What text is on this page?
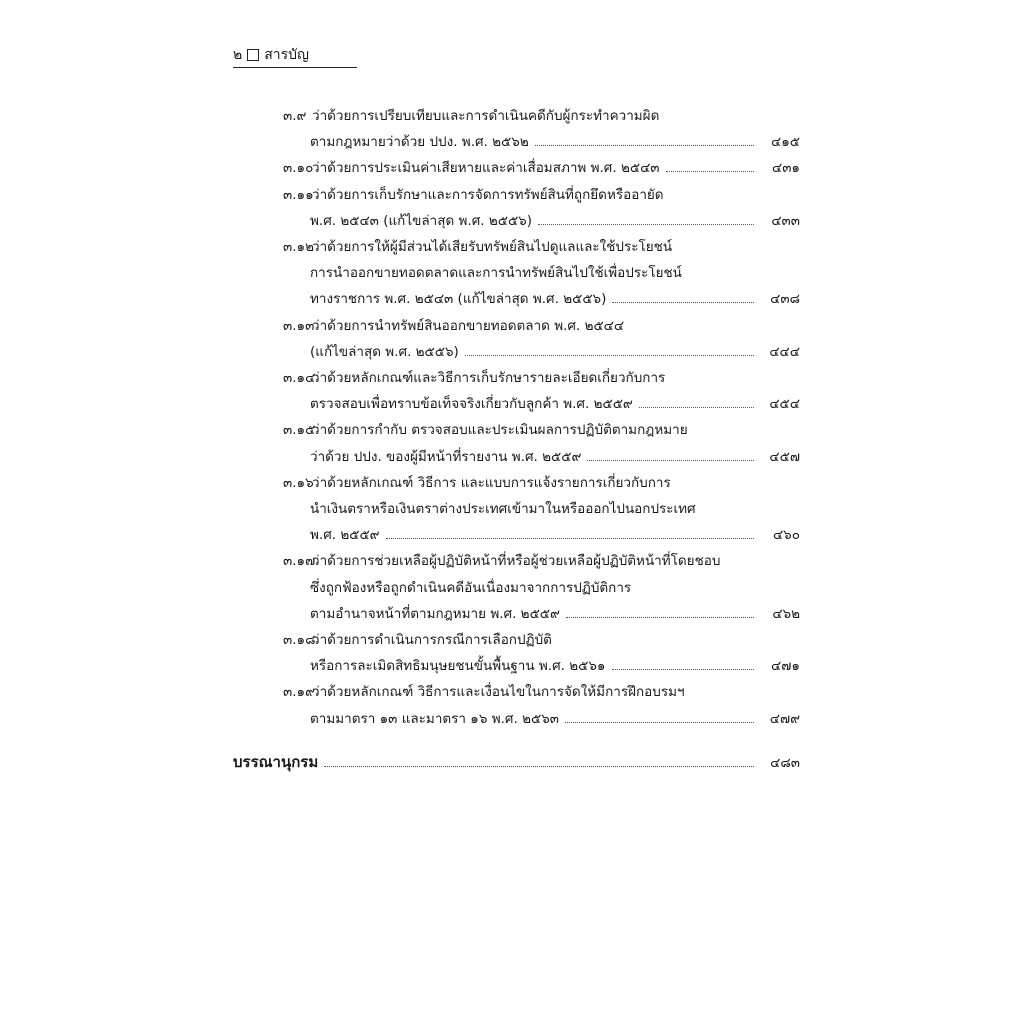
๒ สารบัญ
๓.๙ ว่าด้วยการเปรียบเทียบและการดำเนินคดีกับผู้กระทำความผิด
ตามกฎหมายว่าด้วย ปปง. พ.ศ. ๒๕๖๒	๔๑๕
๓.๑๐
ว่าด้วยการประเมินค่าเสียหายและค่าเสื่อมสภาพ พ.ศ. ๒๕๔๓	๔๓๑
๓.๑๑
ว่าด้วยการเก็บรักษาและการจัดการทรัพย์สินที่ถูกยึดหรืออายัด
พ.ศ. ๒๕๔๓ (แก้ไขล่าสุด พ.ศ. ๒๕๕๖)	๔๓๓
๓.๑๒
ว่าด้วยการให้ผู้มีส่วนได้เสียรับทรัพย์สินไปดูแลและใช้ประโยชน์
การนำออกขายทอดตลาดและการนำทรัพย์สินไปใช้เพื่อประโยชน์
ทางราชการ พ.ศ. ๒๕๔๓ (แก้ไขล่าสุด พ.ศ. ๒๕๕๖)	๔๓๘
๓.๑๓
ว่าด้วยการนำทรัพย์สินออกขายทอดตลาด พ.ศ. ๒๕๔๔
(แก้ไขล่าสุด พ.ศ. ๒๕๕๖)	๔๔๔
๓.๑๔
ว่าด้วยหลักเกณฑ์และวิธีการเก็บรักษารายละเอียดเกี่ยวกับการ
ตรวจสอบเพื่อทราบข้อเท็จจริงเกี่ยวกับลูกค้า พ.ศ. ๒๕๕๙	๔๕๔
๓.๑๕
ว่าด้วยการกำกับ ตรวจสอบและประเมินผลการปฏิบัติตามกฎหมาย
ว่าด้วย ปปง. ของผู้มีหน้าที่รายงาน พ.ศ. ๒๕๕๙	๔๕๗
๓.๑๖
ว่าด้วยหลักเกณฑ์ วิธีการ และแบบการแจ้งรายการเกี่ยวกับการ
นำเงินตราหรือเงินตราต่างประเทศเข้ามาในหรือออกไปนอกประเทศ
พ.ศ. ๒๕๕๙	๔๖๐
๓.๑๗
ว่าด้วยการช่วยเหลือผู้ปฏิบัติหน้าที่หรือผู้ช่วยเหลือผู้ปฏิบัติหน้าที่โดยชอบ
ซึ่งถูกฟ้องหรือถูกดำเนินคดีอันเนื่องมาจากการปฏิบัติการ
ตามอำนาจหน้าที่ตามกฎหมาย พ.ศ. ๒๕๕๙	๔๖๒
๓.๑๘
ว่าด้วยการดำเนินการกรณีการเลือกปฏิบัติ
หรือการละเมิดสิทธิมนุษยชนขั้นพื้นฐาน พ.ศ. ๒๕๖๑	๔๗๑
๓.๑๙
ว่าด้วยหลักเกณฑ์ วิธีการและเงื่อนไขในการจัดให้มีการฝึกอบรมฯ
ตามมาตรา ๑๓ และมาตรา ๑๖ พ.ศ. ๒๕๖๓	๔๗๙
บรรณานุกรม	๔๘๓
